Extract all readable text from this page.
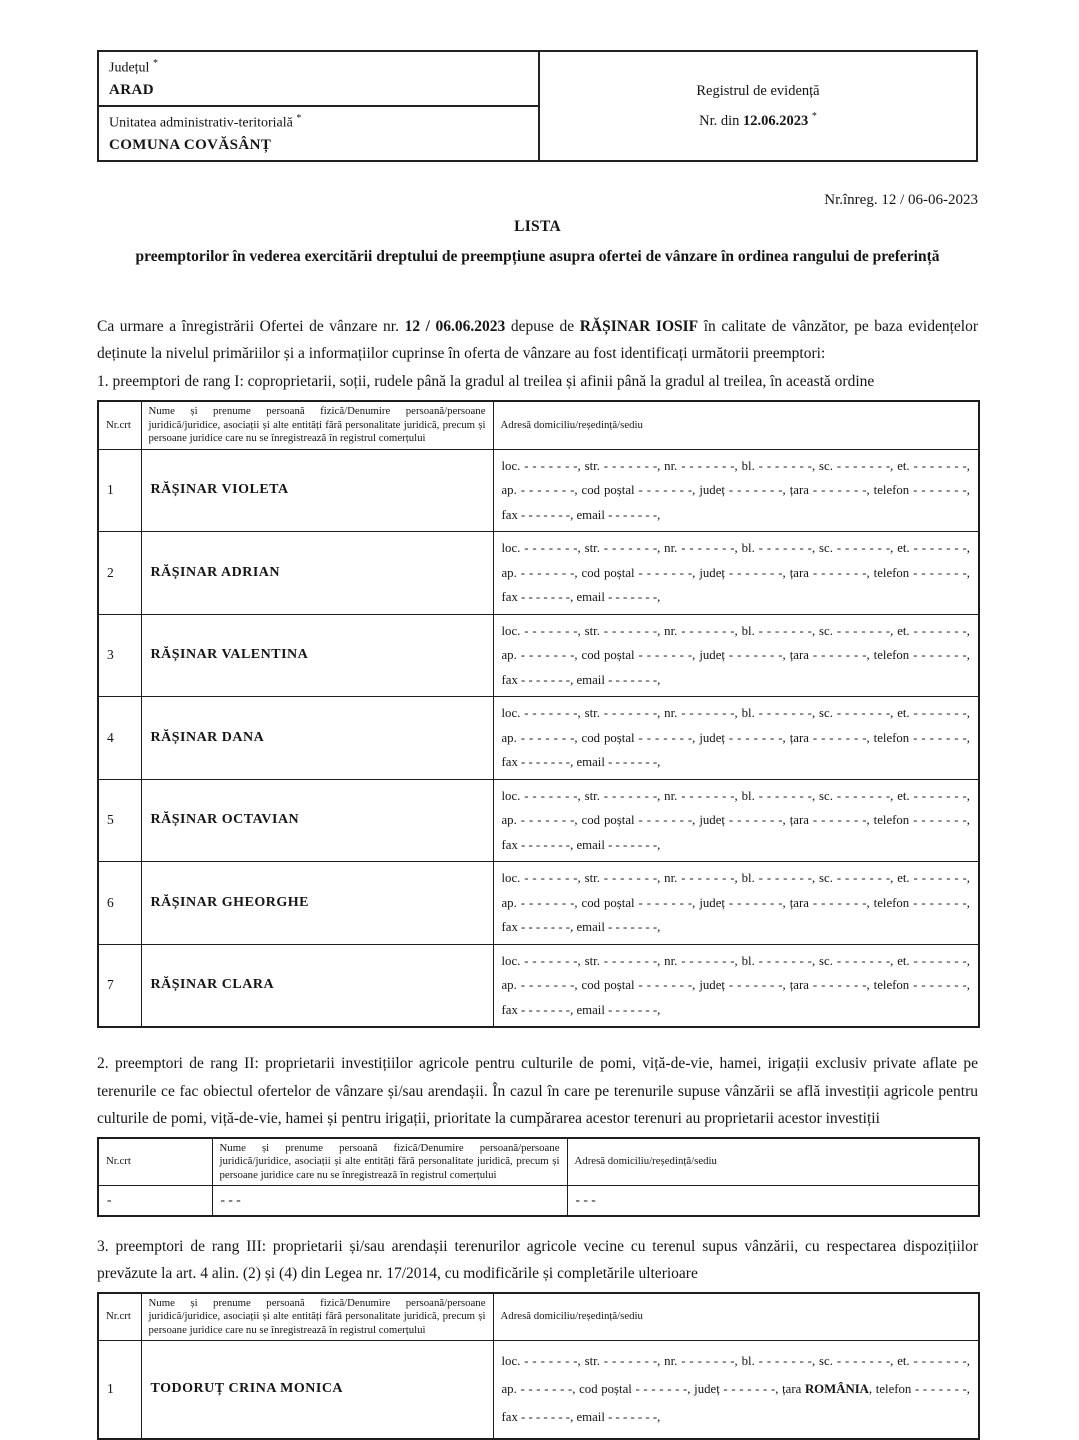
Județul *
ARAD
Unitatea administrativ-teritorială *
COMUNA COVĂSÂNȚ
Registrul de evidență
Nr. din 12.06.2023 *
Nr.înreg. 12 / 06-06-2023
LISTA
preemptorilor în vederea exercitării dreptului de preempțiune asupra ofertei de vânzare în ordinea rangului de preferință

Ca urmare a înregistrării Ofertei de vânzare nr. 12 / 06.06.2023 depuse de RĂȘINAR IOSIF în calitate de vânzător, pe baza evidențelor deținute la nivelul primăriilor și a informațiilor cuprinse în oferta de vânzare au fost identificați următorii preemptori:

1. preemptori de rang I: coproprietarii, soții, rudele până la gradul al treilea și afinii până la gradul al treilea, în această ordine
Nr.crt	Nume și prenume persoană fizică/Denumire persoană/persoane juridică/juridice, asociații și alte entități fără personalitate juridică, precum și persoane juridice care nu se înregistrează în registrul comerțului	Adresă domiciliu/reședință/sediu
1	RĂȘINAR VIOLETA	loc. - - - - - - -, str. - - - - - - -, nr. - - - - - - -, bl. - - - - - - -, sc. - - - - - - -, et. - - - - - - -,
ap. - - - - - - -, cod poștal - - - - - - -, județ - - - - - - -, țara - - - - - - -, telefon - - - - - - -,
fax - - - - - - -, email - - - - - - -,

2	RĂȘINAR ADRIAN	loc. - - - - - - -, str. - - - - - - -, nr. - - - - - - -, bl. - - - - - - -, sc. - - - - - - -, et. - - - - - - -,
ap. - - - - - - -, cod poștal - - - - - - -, județ - - - - - - -, țara - - - - - - -, telefon - - - - - - -,
fax - - - - - - -, email - - - - - - -,

3	RĂȘINAR VALENTINA	loc. - - - - - - -, str. - - - - - - -, nr. - - - - - - -, bl. - - - - - - -, sc. - - - - - - -, et. - - - - - - -,
ap. - - - - - - -, cod poștal - - - - - - -, județ - - - - - - -, țara - - - - - - -, telefon - - - - - - -,
fax - - - - - - -, email - - - - - - -,

4	RĂȘINAR DANA	loc. - - - - - - -, str. - - - - - - -, nr. - - - - - - -, bl. - - - - - - -, sc. - - - - - - -, et. - - - - - - -,
ap. - - - - - - -, cod poștal - - - - - - -, județ - - - - - - -, țara - - - - - - -, telefon - - - - - - -,
fax - - - - - - -, email - - - - - - -,

5	RĂȘINAR OCTAVIAN	loc. - - - - - - -, str. - - - - - - -, nr. - - - - - - -, bl. - - - - - - -, sc. - - - - - - -, et. - - - - - - -,
ap. - - - - - - -, cod poștal - - - - - - -, județ - - - - - - -, țara - - - - - - -, telefon - - - - - - -,
fax - - - - - - -, email - - - - - - -,

6	RĂȘINAR GHEORGHE	loc. - - - - - - -, str. - - - - - - -, nr. - - - - - - -, bl. - - - - - - -, sc. - - - - - - -, et. - - - - - - -,
ap. - - - - - - -, cod poștal - - - - - - -, județ - - - - - - -, țara - - - - - - -, telefon - - - - - - -,
fax - - - - - - -, email - - - - - - -,

7	RĂȘINAR CLARA	loc. - - - - - - -, str. - - - - - - -, nr. - - - - - - -, bl. - - - - - - -, sc. - - - - - - -, et. - - - - - - -,
ap. - - - - - - -, cod poștal - - - - - - -, județ - - - - - - -, țara - - - - - - -, telefon - - - - - - -,
fax - - - - - - -, email - - - - - - -,

2. preemptori de rang II: proprietarii investițiilor agricole pentru culturile de pomi, viță-de-vie, hamei, irigații exclusiv private aflate pe terenurile ce fac obiectul ofertelor de vânzare și/sau arendașii. În cazul în care pe terenurile supuse vânzării se află investiții agricole pentru culturile de pomi, viță-de-vie, hamei și pentru irigații, prioritate la cumpărarea acestor terenuri au proprietarii acestor investiții

Nr.crt	Nume și prenume persoană fizică/Denumire persoană/persoane juridică/juridice, asociații și alte entități fără personalitate juridică, precum și persoane juridice care nu se înregistrează în registrul comerțului	Adresă domiciliu/reședință/sediu
-	- - -	- - -

3. preemptori de rang III: proprietarii și/sau arendașii terenurilor agricole vecine cu terenul supus vânzării, cu respectarea dispozițiilor prevăzute la art. 4 alin. (2) și (4) din Legea nr. 17/2014, cu modificările și completările ulterioare

Nr.crt	Nume și prenume persoană fizică/Denumire persoană/persoane juridică/juridice, asociații și alte entități fără personalitate juridică, precum și persoane juridice care nu se înregistrează în registrul comerțului	Adresă domiciliu/reședință/sediu
1	TODORUȚ CRINA MONICA	loc. - - - - - - -, str. - - - - - - -, nr. - - - - - - -, bl. - - - - - - -, sc. - - - - - - -, et. - - - - - - -,
ap. - - - - - - -, cod poștal - - - - - - -, județ - - - - - - -, țara ROMÂNIA, telefon - - - - - - -,
fax - - - - - - -, email - - - - - - -,
